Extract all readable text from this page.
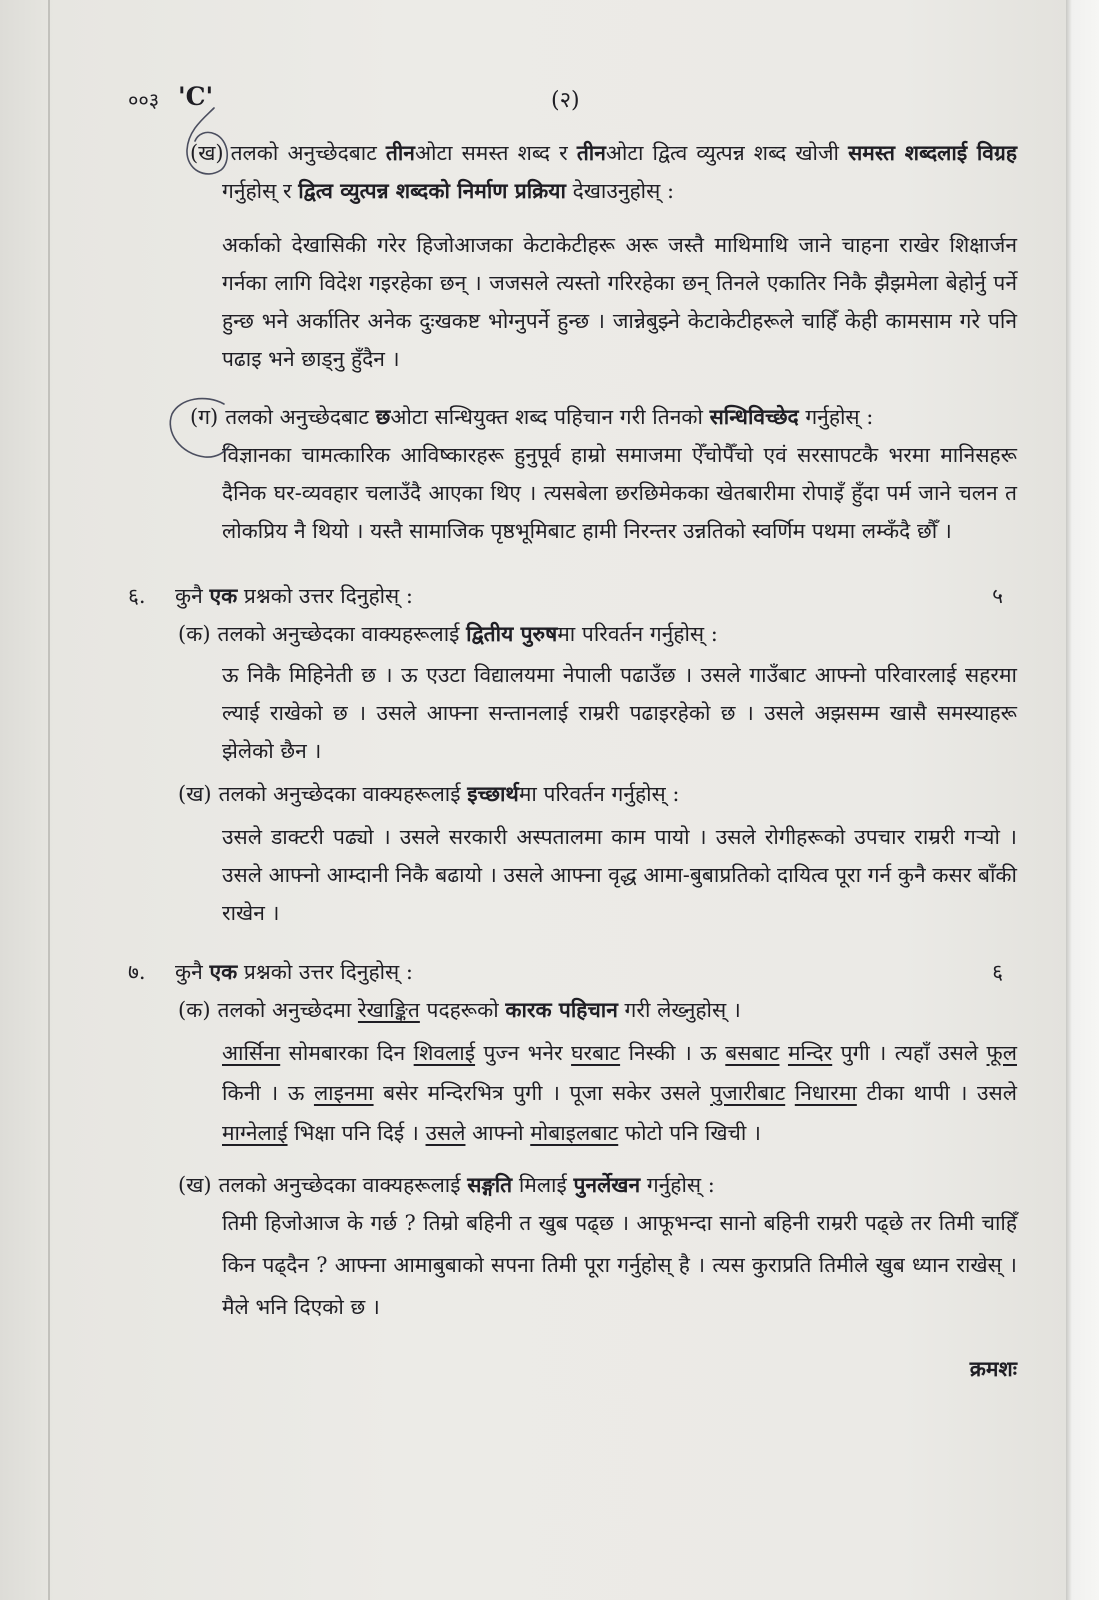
००३ 'C'	(२)
(ख) तलको अनुच्छेदबाट तीनओटा समस्त शब्द र तीनओटा द्वित्व व्युत्पन्न शब्द खोजी समस्त शब्दलाई विग्रह गर्नुहोस् र द्वित्व व्युत्पन्न शब्दको निर्माण प्रक्रिया देखाउनुहोस् :
अर्काको देखासिकी गरेर हिजोआजका केटाकेटीहरू अरू जस्तै माथिमाथि जाने चाहना राखेर शिक्षार्जन गर्नका लागि विदेश गइरहेका छन् । जजसले त्यस्तो गरिरहेका छन् तिनले एकातिर निकै झैझमेला बेहोर्नु पर्ने हुन्छ भने अर्कातिर अनेक दुःखकष्ट भोग्नुपर्ने हुन्छ । जान्नेबुझ्ने केटाकेटीहरूले चाहिँ केही कामसाम गरे पनि पढाइ भने छाड्नु हुँदैन ।
(ग) तलको अनुच्छेदबाट छओटा सन्धियुक्त शब्द पहिचान गरी तिनको सन्धिविच्छेद गर्नुहोस् :
विज्ञानका चामत्कारिक आविष्कारहरू हुनुपूर्व हाम्रो समाजमा ऐँचोपैँचो एवं सरसापटकै भरमा मानिसहरू दैनिक घर-व्यवहार चलाउँदै आएका थिए । त्यसबेला छरछिमेकका खेतबारीमा रोपाइँ हुँदा पर्म जाने चलन त लोकप्रिय नै थियो । यस्तै सामाजिक पृष्ठभूमिबाट हामी निरन्तर उन्नतिको स्वर्णिम पथमा लम्कँदै छौँ ।
६. कुनै एक प्रश्नको उत्तर दिनुहोस् :	५
(क) तलको अनुच्छेदका वाक्यहरूलाई द्वितीय पुरुषमा परिवर्तन गर्नुहोस् :
ऊ निकै मिहिनेती छ । ऊ एउटा विद्यालयमा नेपाली पढाउँछ । उसले गाउँबाट आफ्नो परिवारलाई सहरमा ल्याई राखेको छ । उसले आफ्ना सन्तानलाई राम्ररी पढाइरहेको छ । उसले अझसम्म खासै समस्याहरू झेलेको छैन ।
(ख) तलको अनुच्छेदका वाक्यहरूलाई इच्छार्थमा परिवर्तन गर्नुहोस् :
उसले डाक्टरी पढ्यो । उसले सरकारी अस्पतालमा काम पायो । उसले रोगीहरूको उपचार राम्ररी गर्‍यो । उसले आफ्नो आम्दानी निकै बढायो । उसले आफ्ना वृद्ध आमा-बुबाप्रतिको दायित्व पूरा गर्न कुनै कसर बाँकी राखेन ।
७. कुनै एक प्रश्नको उत्तर दिनुहोस् :	६
(क) तलको अनुच्छेदमा रेखाङ्कित पदहरूको कारक पहिचान गरी लेख्नुहोस् ।
आर्सिना सोमबारका दिन शिवलाई पुज्न भनेर घरबाट निस्की । ऊ बसबाट मन्दिर पुगी । त्यहाँ उसले फूल किनी । ऊ लाइनमा बसेर मन्दिरभित्र पुगी । पूजा सकेर उसले पुजारीबाट निधारमा टीका थापी । उसले माग्नेलाई भिक्षा पनि दिई । उसले आफ्नो मोबाइलबाट फोटो पनि खिची ।
(ख) तलको अनुच्छेदका वाक्यहरूलाई सङ्गति मिलाई पुनर्लेखन गर्नुहोस् :
तिमी हिजोआज के गर्छ ? तिम्रो बहिनी त खुब पढ्छ । आफूभन्दा सानो बहिनी राम्ररी पढ्छे तर तिमी चाहिँ किन पढ्दैन ? आफ्ना आमाबुबाको सपना तिमी पूरा गर्नुहोस् है । त्यस कुराप्रति तिमीले खुब ध्यान राखेस् । मैले भनि दिएको छ ।
क्रमशः
